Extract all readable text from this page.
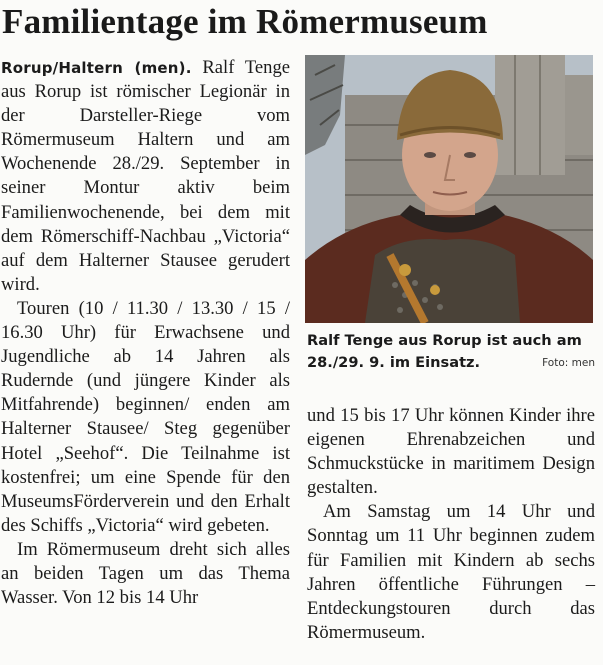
Familientage im Römermuseum

Rorup/Haltern (men). Ralf Tenge aus Rorup ist römischer Legionär in der Darsteller-Riege vom Römermuseum Haltern und am Wochenende 28./29. September in seiner Montur aktiv beim Familienwochenende, bei dem mit dem Römerschiff-Nachbau „Victoria“ auf dem Halterner Stausee gerudert wird.

Touren (10 / 11.30 / 13.30 / 15 / 16.30 Uhr) für Erwachsene und Jugendliche ab 14 Jahren als Rudernde (und jüngere Kinder als Mitfahrende) beginnen/ enden am Halterner Stausee/ Steg gegenüber Hotel „Seehof“. Die Teilnahme ist kostenfrei; um eine Spende für den MuseumsFörderverein und den Erhalt des Schiffs „Victoria“ wird gebeten.

Im Römermuseum dreht sich alles an beiden Tagen um das Thema Wasser. Von 12 bis 14 Uhr

Ralf Tenge aus Rorup ist auch am
28./29. 9. im Einsatz.	Foto: men

und 15 bis 17 Uhr können Kinder ihre eigenen Ehrenabzeichen und Schmuckstücke in maritimem Design gestalten.

Am Samstag um 14 Uhr und Sonntag um 11 Uhr beginnen zudem für Familien mit Kindern ab sechs Jahren öffentliche Führungen – Entdeckungstouren durch das Römermuseum.
